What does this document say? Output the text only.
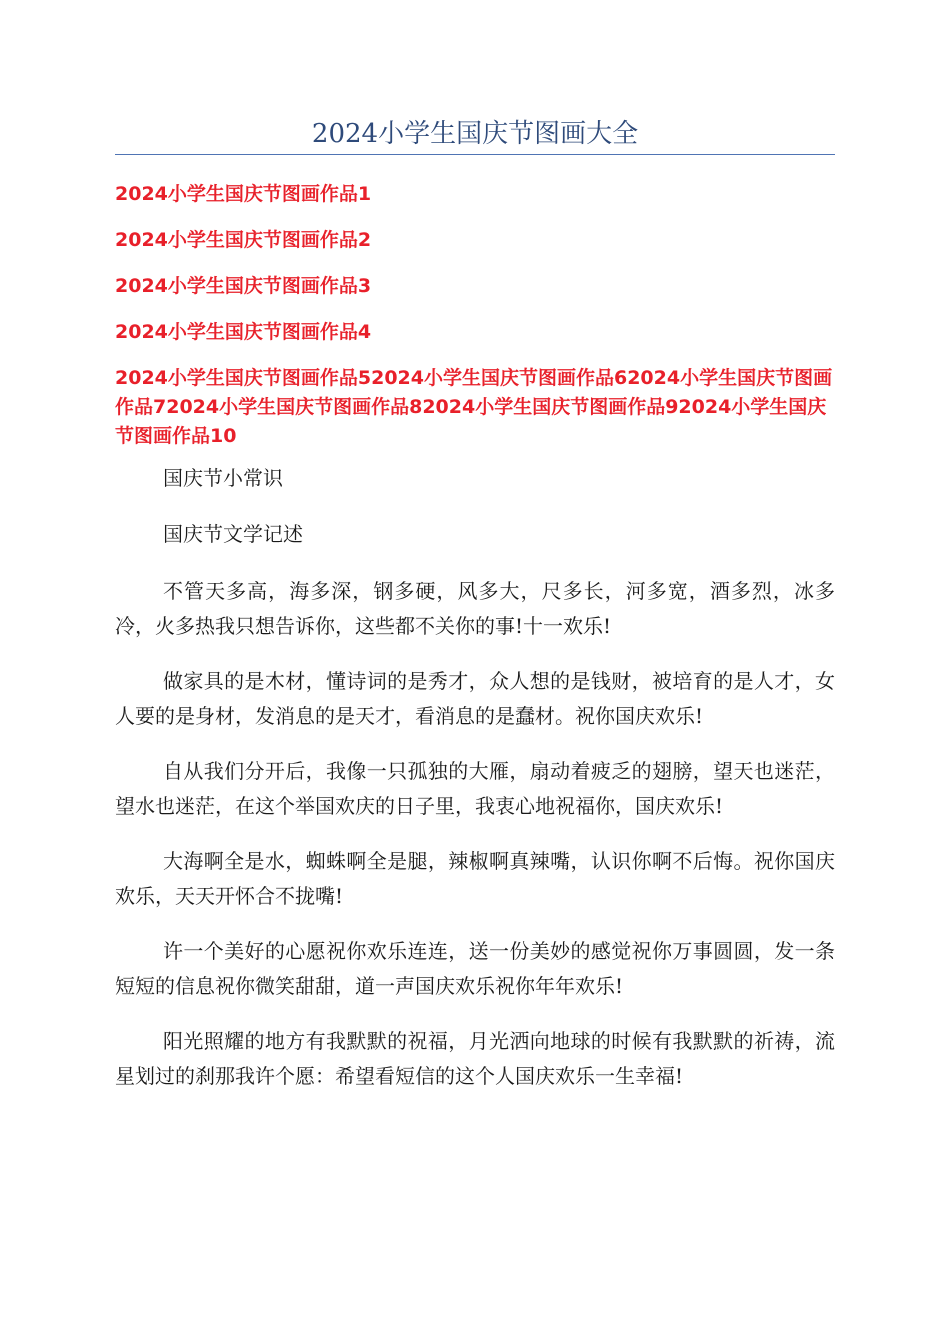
2024小学生国庆节图画大全
2024小学生国庆节图画作品1
2024小学生国庆节图画作品2
2024小学生国庆节图画作品3
2024小学生国庆节图画作品4
2024小学生国庆节图画作品52024小学生国庆节图画作品62024小学生国庆节图画作品72024小学生国庆节图画作品82024小学生国庆节图画作品92024小学生国庆节图画作品10

国庆节小常识

国庆节文学记述

不管天多高，海多深，钢多硬，风多大，尺多长，河多宽，酒多烈，冰多冷，火多热我只想告诉你，这些都不关你的事!十一欢乐!

做家具的是木材，懂诗词的是秀才，众人想的是钱财，被培育的是人才，女人要的是身材，发消息的是天才，看消息的是蠢材。祝你国庆欢乐!

自从我们分开后，我像一只孤独的大雁，扇动着疲乏的翅膀，望天也迷茫，望水也迷茫，在这个举国欢庆的日子里，我衷心地祝福你，国庆欢乐!

大海啊全是水，蜘蛛啊全是腿，辣椒啊真辣嘴，认识你啊不后悔。祝你国庆欢乐，天天开怀合不拢嘴!

许一个美好的心愿祝你欢乐连连，送一份美妙的感觉祝你万事圆圆，发一条短短的信息祝你微笑甜甜，道一声国庆欢乐祝你年年欢乐!

阳光照耀的地方有我默默的祝福，月光洒向地球的时候有我默默的祈祷，流星划过的刹那我许个愿：希望看短信的这个人国庆欢乐一生幸福!
